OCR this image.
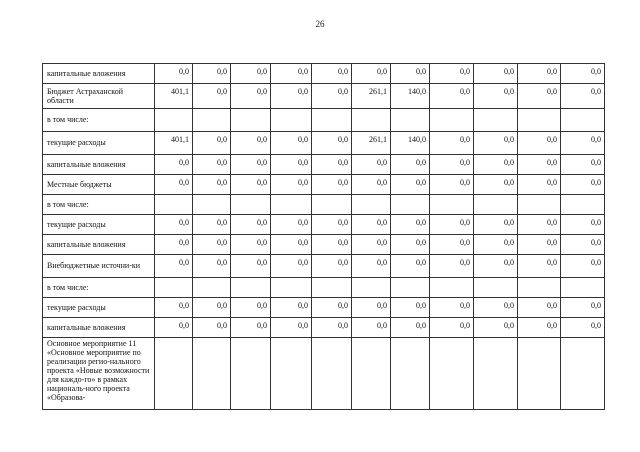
26
капитальные вложения	0,0	0,0	0,0	0,0	0,0	0,0	0,0	0,0	0,0	0,0	0,0
Бюджет Астраханской области	401,1	0,0	0,0	0,0	0,0	261,1	140,0	0,0	0,0	0,0	0,0
в том числе:											
текущие расходы	401,1	0,0	0,0	0,0	0,0	261,1	140,0	0,0	0,0	0,0	0,0
капитальные вложения	0,0	0,0	0,0	0,0	0,0	0,0	0,0	0,0	0,0	0,0	0,0
Местные бюджеты	0,0	0,0	0,0	0,0	0,0	0,0	0,0	0,0	0,0	0,0	0,0
в том числе:											
текущие расходы	0,0	0,0	0,0	0,0	0,0	0,0	0,0	0,0	0,0	0,0	0,0
капитальные вложения	0,0	0,0	0,0	0,0	0,0	0,0	0,0	0,0	0,0	0,0	0,0
Внебюджетные источни-ки	0,0	0,0	0,0	0,0	0,0	0,0	0,0	0,0	0,0	0,0	0,0
в том числе:											
текущие расходы	0,0	0,0	0,0	0,0	0,0	0,0	0,0	0,0	0,0	0,0	0,0
капитальные вложения	0,0	0,0	0,0	0,0	0,0	0,0	0,0	0,0	0,0	0,0	0,0
Основное мероприятие 11 «Основное мероприятие по реализации регио-нального проекта «Новые возможности для каждо-го» в рамках националь-ного проекта «Образова-											
